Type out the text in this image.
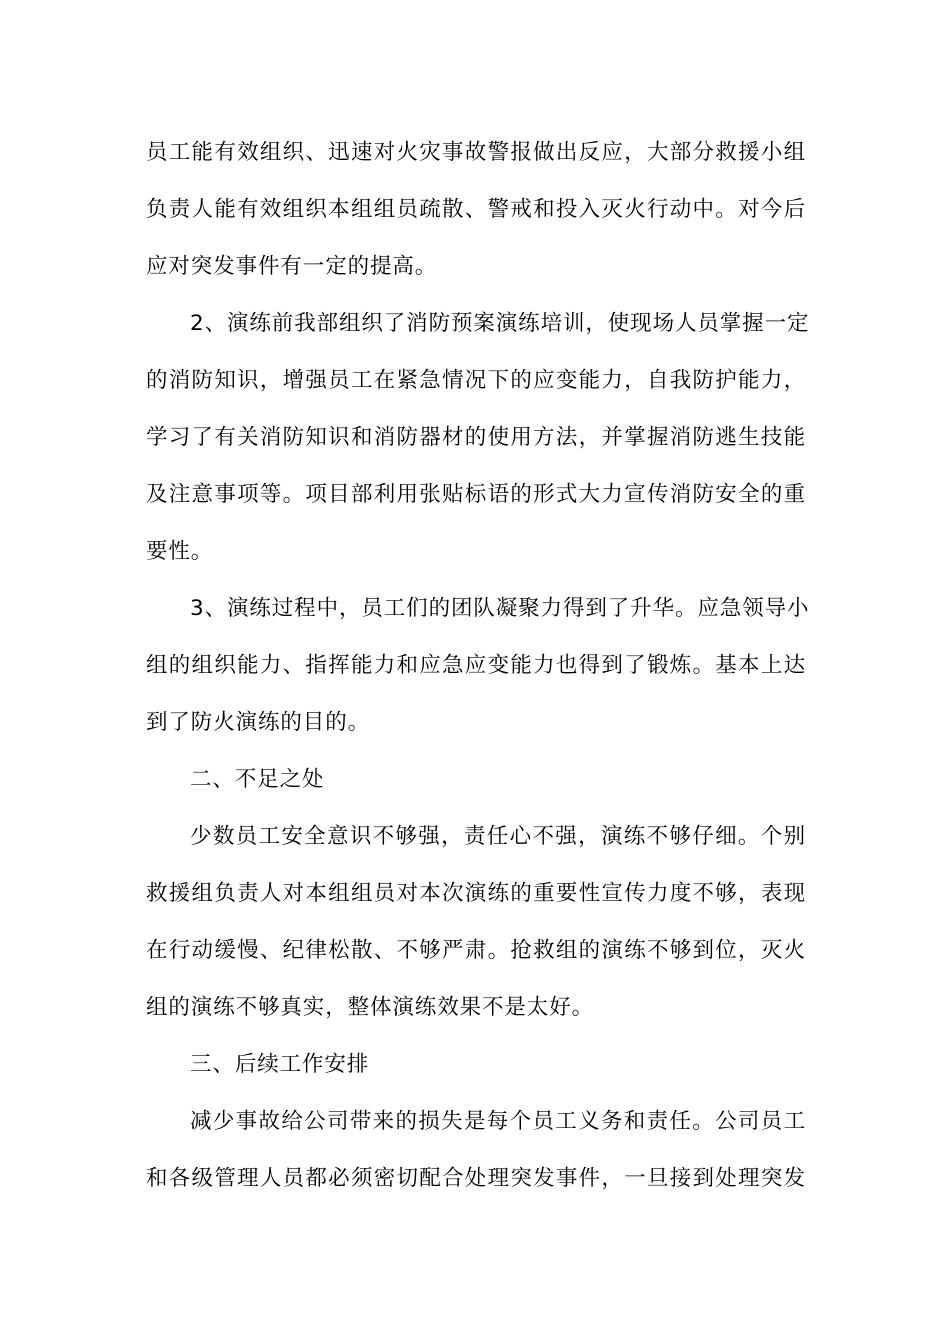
员工能有效组织、迅速对火灾事故警报做出反应，大部分救援小组
负责人能有效组织本组组员疏散、警戒和投入灭火行动中。对今后
应对突发事件有一定的提高。
2、演练前我部组织了消防预案演练培训，使现场人员掌握一定
的消防知识，增强员工在紧急情况下的应变能力，自我防护能力，
学习了有关消防知识和消防器材的使用方法，并掌握消防逃生技能
及注意事项等。项目部利用张贴标语的形式大力宣传消防安全的重
要性。
3、演练过程中，员工们的团队凝聚力得到了升华。应急领导小
组的组织能力、指挥能力和应急应变能力也得到了锻炼。基本上达
到了防火演练的目的。
二、不足之处
少数员工安全意识不够强，责任心不强，演练不够仔细。个别
救援组负责人对本组组员对本次演练的重要性宣传力度不够，表现
在行动缓慢、纪律松散、不够严肃。抢救组的演练不够到位，灭火
组的演练不够真实，整体演练效果不是太好。
三、后续工作安排
减少事故给公司带来的损失是每个员工义务和责任。公司员工
和各级管理人员都必须密切配合处理突发事件，一旦接到处理突发
